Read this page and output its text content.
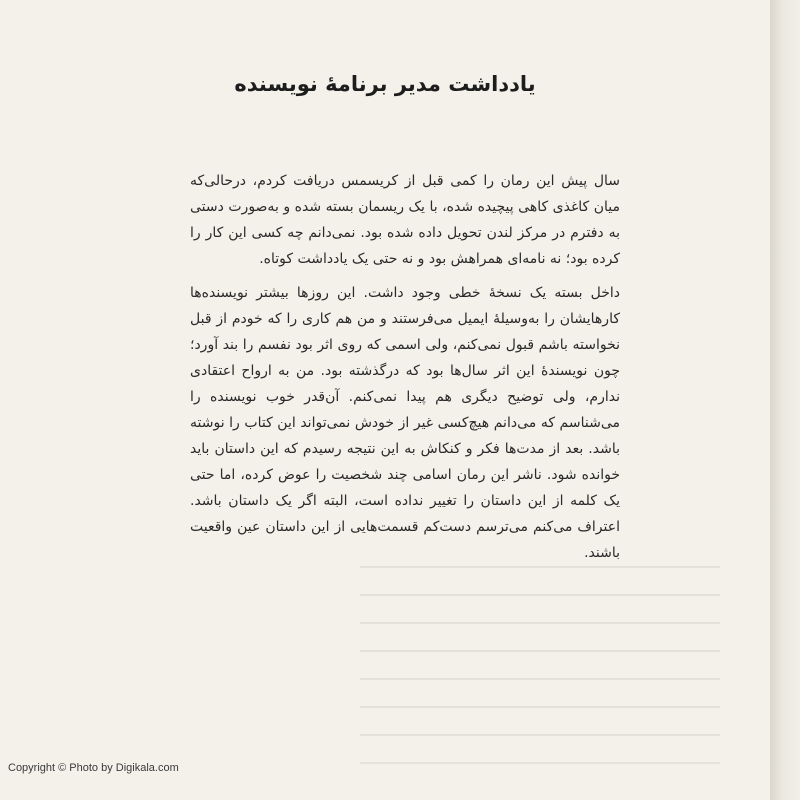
یادداشت مدیر برنامهٔ نویسنده

سال پیش این رمان را کمی قبل از کریسمس دریافت کردم، درحالی‌که میان کاغذی کاهی پیچیده شده، با یک ریسمان بسته شده و به‌صورت دستی به دفترم در مرکز لندن تحویل داده شده بود. نمی‌دانم چه کسی این کار را کرده بود؛ نه نامه‌ای همراهش بود و نه حتی یک یادداشت کوتاه.

داخل بسته یک نسخهٔ خطی وجود داشت. این روزها بیشتر نویسنده‌ها کارهایشان را به‌وسیلهٔ ایمیل می‌فرستند و من هم کاری را که خودم از قبل نخواسته باشم قبول نمی‌کنم، ولی اسمی که روی اثر بود نفسم را بند آورد؛ چون نویسندهٔ این اثر سال‌ها بود که درگذشته بود. من به ارواح اعتقادی ندارم، ولی توضیح دیگری هم پیدا نمی‌کنم. آن‌قدر خوب نویسنده را می‌شناسم که می‌دانم هیچ‌کسی غیر از خودش نمی‌تواند این کتاب را نوشته باشد. بعد از مدت‌ها فکر و کنکاش به این نتیجه رسیدم که این داستان باید خوانده شود. ناشر این رمان اسامی چند شخصیت را عوض کرده، اما حتی یک کلمه از این داستان را تغییر نداده است، البته اگر یک داستان باشد. اعتراف می‌کنم می‌ترسم دست‌کم قسمت‌هایی از این داستان عین واقعیت باشند.

Copyright © Photo by Digikala.com
